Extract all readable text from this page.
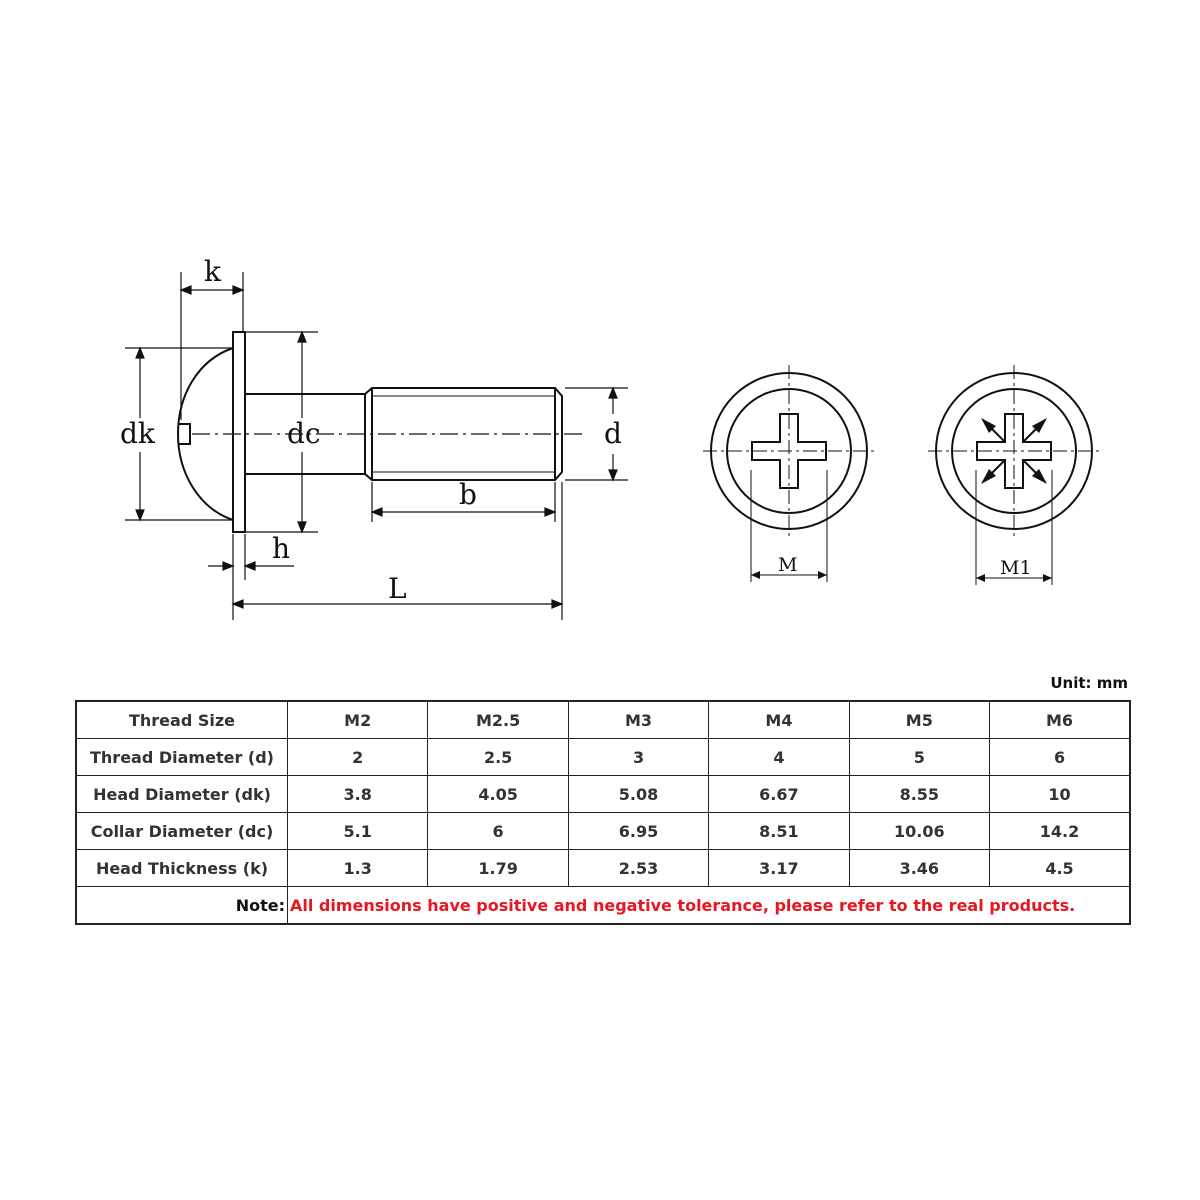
k
dk	dc	d
b
h
L
M	M1
Unit: mm
Thread Size	M2	M2.5	M3	M4	M5	M6
Thread Diameter (d)	2	2.5	3	4	5	6
Head Diameter (dk)	3.8	4.05	5.08	6.67	8.55	10
Collar Diameter (dc)	5.1	6	6.95	8.51	10.06	14.2
Head Thickness (k)	1.3	1.79	2.53	3.17	3.46	4.5
Note:	All dimensions have positive and negative tolerance, please refer to the real products.					
